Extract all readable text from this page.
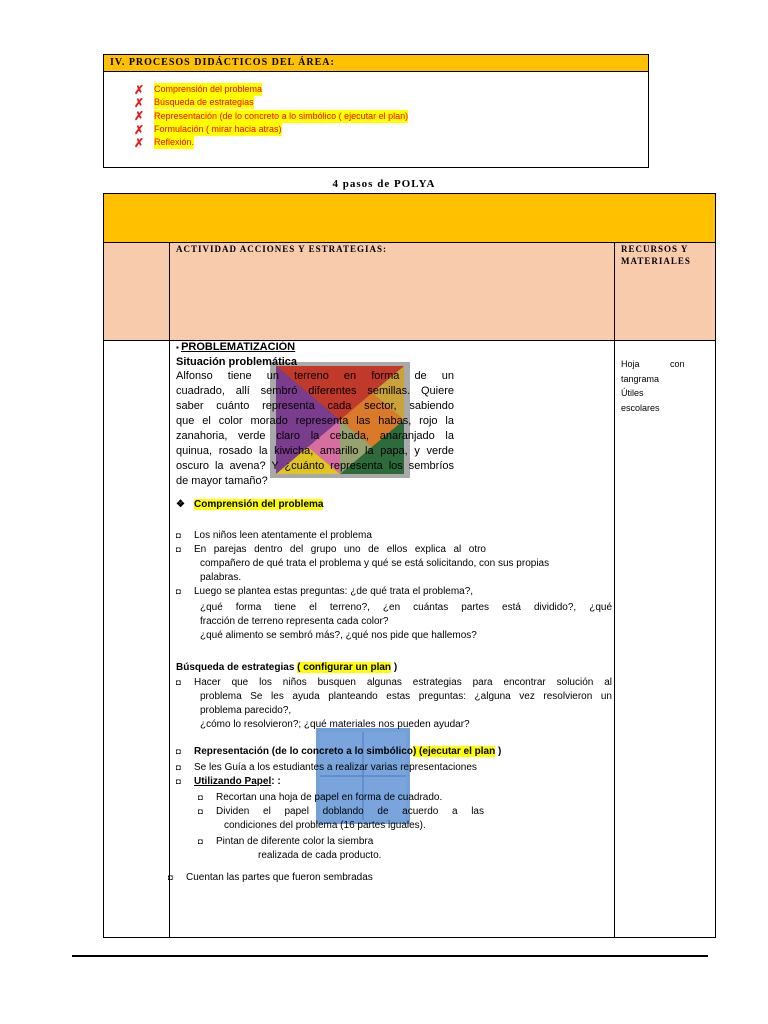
IV. PROCESOS DIDÁCTICOS DEL ÁREA:
✗	Comprensión del problema
✗	Búsqueda de estrategias
✗	Representación (de lo concreto a lo simbólico ( ejecutar el plan)
✗	Formulación ( mirar hacia atras)
✗	Reflexión.
4 pasos de POLYA
ACTIVIDAD ACCIONES Y ESTRATEGIAS:	RECURSOS Y MATERIALES
Hoja con
tangrama
Útiles
escolares
▪ PROBLEMATIZACIÓN
Situación problemática
Alfonso tiene un terreno en forma de un
cuadrado, allí sembró diferentes semillas. Quiere
saber cuánto representa cada sector, sabiendo
que el color morado representa las habas, rojo la
zanahoria, verde claro la cebada, anaranjado la
quinua, rosado la kiwicha, amarillo la papa, y verde
oscuro la avena? Y ¿cuánto representa los sembríos
de mayor tamaño?
❖ Comprensión del problema
◘ Los niños leen atentamente el problema
◘	En parejas dentro del grupo uno de ellos explica al otro
compañero de qué trata el problema y qué se está solicitando, con sus propias
palabras.
◘ Luego se plantea estas preguntas: ¿de qué trata el problema?,
¿qué forma tiene el terreno?, ¿en cuántas partes está dividido?, ¿qué
fracción de terreno representa cada color?
¿qué alimento se sembró más?, ¿qué nos pide que hallemos?
Búsqueda de estrategias ( configurar un plan )
◘	Hacer que los niños busquen algunas estrategias para encontrar solución al
problema Se les ayuda planteando estas preguntas: ¿alguna vez resolvieron un
problema parecido?,
¿cómo lo resolvieron?; ¿qué materiales nos pueden ayudar?
◘ Representación (de lo concreto a lo simbólico) (ejecutar el plan )
◘ Se les Guía a los estudiantes a realizar varias representaciones
◘ Utilizando Papel: :
◘ Recortan una hoja de papel en forma de cuadrado.
◘	Dividen el papel doblando de acuerdo a las
condiciones del problema (16 partes iguales).
◘ Pintan de diferente color la siembra
realizada de cada producto.
◘ Cuentan las partes que fueron sembradas
